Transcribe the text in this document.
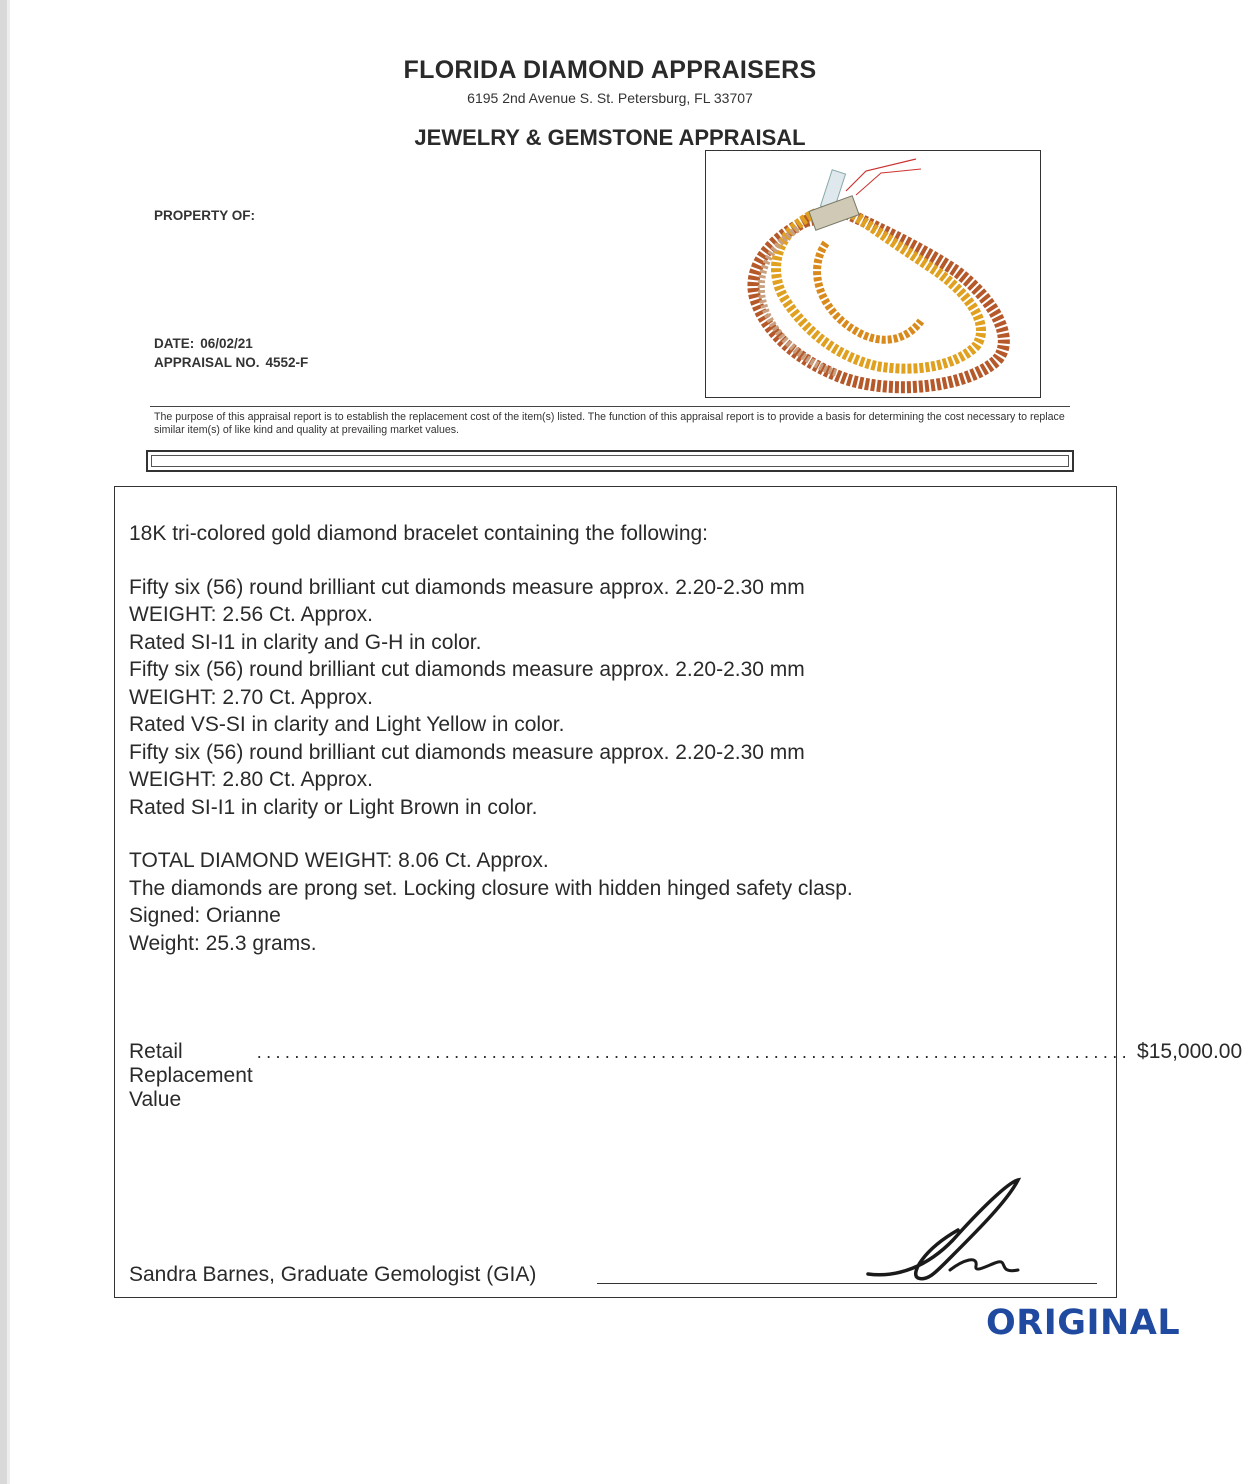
FLORIDA DIAMOND APPRAISERS
6195 2nd Avenue S. St. Petersburg, FL 33707
JEWELRY & GEMSTONE APPRAISAL
PROPERTY OF:
DATE: 06/02/21
APPRAISAL NO. 4552-F
The purpose of this appraisal report is to establish the replacement cost of the item(s) listed. The function of this appraisal report is to provide a basis for determining the cost necessary to replace similar item(s) of like kind and quality at prevailing market values.
18K tri-colored gold diamond bracelet containing the following:
Fifty six (56) round brilliant cut diamonds measure approx. 2.20-2.30 mm
WEIGHT: 2.56 Ct. Approx.
Rated SI-I1 in clarity and G-H in color.
Fifty six (56) round brilliant cut diamonds measure approx. 2.20-2.30 mm
WEIGHT: 2.70 Ct. Approx.
Rated VS-SI in clarity and Light Yellow in color.
Fifty six (56) round brilliant cut diamonds measure approx. 2.20-2.30 mm
WEIGHT: 2.80 Ct. Approx.
Rated SI-I1 in clarity or Light Brown in color.
TOTAL DIAMOND WEIGHT: 8.06 Ct. Approx.
The diamonds are prong set. Locking closure with hidden hinged safety clasp.
Signed: Orianne
Weight: 25.3 grams.
Retail Replacement Value
............................................................................................. $15,000.00
Sandra Barnes, Graduate Gemologist (GIA)
ORIGINAL
